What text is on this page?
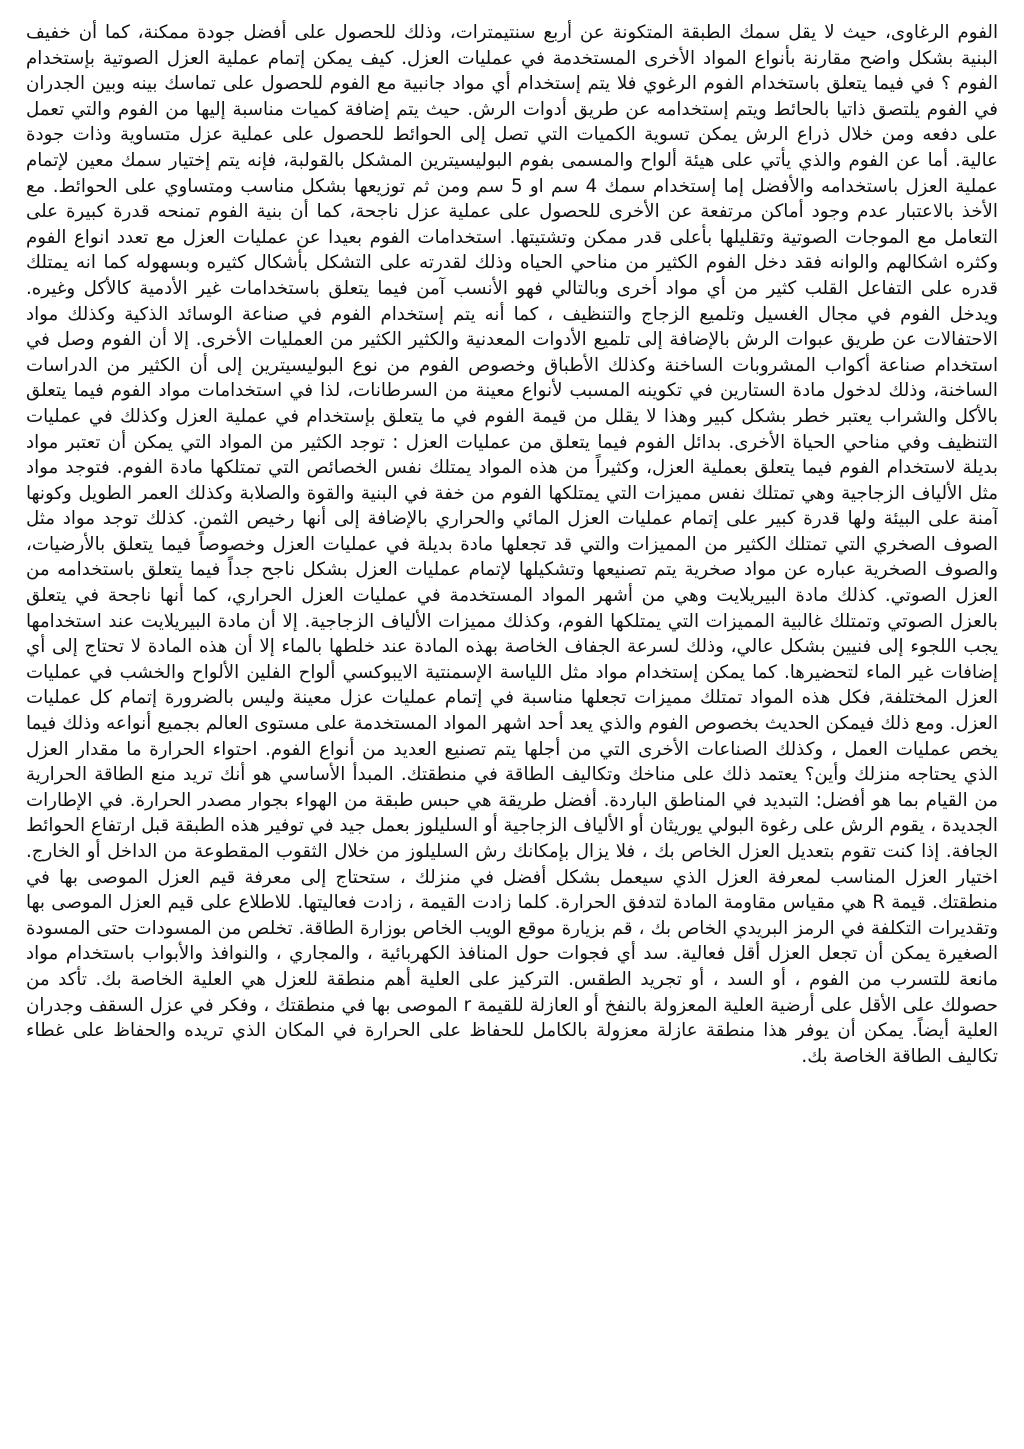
الفوم الرغاوى، حيث لا يقل سمك الطبقة المتكونة عن أربع سنتيمترات، وذلك للحصول على أفضل جودة ممكنة، كما أن خفيف البنية بشكل واضح مقارنة بأنواع المواد الأخرى المستخدمة في عمليات العزل. كيف يمكن إتمام عملية العزل الصوتية بإستخدام الفوم ؟ في فيما يتعلق باستخدام الفوم الرغوي فلا يتم إستخدام أي مواد جانبية مع الفوم للحصول على تماسك بينه وبين الجدران في الفوم يلتصق ذاتيا بالحائط ويتم إستخدامه عن طريق أدوات الرش. حيث يتم إضافة كميات مناسبة إليها من الفوم والتي تعمل على دفعه ومن خلال ذراع الرش يمكن تسوية الكميات التي تصل إلى الحوائط للحصول على عملية عزل متساوية وذات جودة عالية. أما عن الفوم والذي يأتي على هيئة ألواح والمسمى بفوم البوليسيترين المشكل بالقولبة، فإنه يتم إختيار سمك معين لإتمام عملية العزل باستخدامه والأفضل إما إستخدام سمك 4 سم او 5 سم ومن ثم توزيعها بشكل مناسب ومتساوي على الحوائط. مع الأخذ بالاعتبار عدم وجود أماكن مرتفعة عن الأخرى للحصول على عملية عزل ناجحة، كما أن بنية الفوم تمنحه قدرة كبيرة على التعامل مع الموجات الصوتية وتقليلها بأعلى قدر ممكن وتشتيتها. استخدامات الفوم بعيدا عن عمليات العزل مع تعدد انواع الفوم وكثره اشكالهم والوانه فقد دخل الفوم الكثير من مناحي الحياه وذلك لقدرته على التشكل بأشكال كثيره وبسهوله كما انه يمتلك قدره على التفاعل القلب كثير من أي مواد أخرى وبالتالي فهو الأنسب آمن فيما يتعلق باستخدامات غير الأدمية كالأكل وغيره. ويدخل الفوم في مجال الغسيل وتلميع الزجاج والتنظيف ، كما أنه يتم إستخدام الفوم في صناعة الوسائد الذكية وكذلك مواد الاحتفالات عن طريق عبوات الرش بالإضافة إلى تلميع الأدوات المعدنية والكثير الكثير من العمليات الأخرى. إلا أن الفوم وصل في استخدام صناعة أكواب المشروبات الساخنة وكذلك الأطباق وخصوص الفوم من نوع البوليسيترين إلى أن الكثير من الدراسات الساخنة، وذلك لدخول مادة الستارين في تكوينه المسبب لأنواع معينة من السرطانات، لذا في استخدامات مواد الفوم فيما يتعلق بالأكل والشراب يعتبر خطر بشكل كبير وهذا لا يقلل من قيمة الفوم في ما يتعلق بإستخدام في عملية العزل وكذلك في عمليات التنظيف وفي مناحي الحياة الأخرى. بدائل الفوم فيما يتعلق من عمليات العزل : توجد الكثير من المواد التي يمكن أن تعتبر مواد بديلة لاستخدام الفوم فيما يتعلق بعملية العزل، وكثيراً من هذه المواد يمتلك نفس الخصائص التي تمتلكها مادة الفوم. فتوجد مواد مثل الألياف الزجاجية وهي تمتلك نفس مميزات التي يمتلكها الفوم من خفة في البنية والقوة والصلابة وكذلك العمر الطويل وكونها آمنة على البيئة ولها قدرة كبير على إتمام عمليات العزل المائي والحراري بالإضافة إلى أنها رخيص الثمن. كذلك توجد مواد مثل الصوف الصخري التي تمتلك الكثير من المميزات والتي قد تجعلها مادة بديلة في عمليات العزل وخصوصاً فيما يتعلق بالأرضيات، والصوف الصخرية عباره عن مواد صخرية يتم تصنيعها وتشكيلها لإتمام عمليات العزل بشكل ناجح جداً فيما يتعلق باستخدامه من العزل الصوتي. كذلك مادة البيريلايت وهي من أشهر المواد المستخدمة في عمليات العزل الحراري، كما أنها ناجحة في يتعلق بالعزل الصوتي وتمتلك غالبية المميزات التي يمتلكها الفوم، وكذلك مميزات الألياف الزجاجية. إلا أن مادة البيريلايت عند استخدامها يجب اللجوء إلى فنيين بشكل عالي، وذلك لسرعة الجفاف الخاصة بهذه المادة عند خلطها بالماء إلا أن هذه المادة لا تحتاج إلى أي إضافات غير الماء لتحضيرها. كما يمكن إستخدام مواد مثل اللياسة الإسمنتية الايبوكسي ألواح الفلين الألواح والخشب في عمليات العزل المختلفة, فكل هذه المواد تمتلك مميزات تجعلها مناسبة في إتمام عمليات عزل معينة وليس بالضرورة إتمام كل عمليات العزل. ومع ذلك فيمكن الحديث بخصوص الفوم والذي يعد أحد اشهر المواد المستخدمة على مستوى العالم بجميع أنواعه وذلك فيما يخص عمليات العمل ، وكذلك الصناعات الأخرى التي من أجلها يتم تصنيع العديد من أنواع الفوم. احتواء الحرارة ما مقدار العزل الذي يحتاجه منزلك وأين؟ يعتمد ذلك على مناخك وتكاليف الطاقة في منطقتك. المبدأ الأساسي هو أنك تريد منع الطاقة الحرارية من القيام بما هو أفضل: التبديد في المناطق الباردة. أفضل طريقة هي حبس طبقة من الهواء بجوار مصدر الحرارة. في الإطارات الجديدة ، يقوم الرش على رغوة البولي يوريثان أو الألياف الزجاجية أو السليلوز بعمل جيد في توفير هذه الطبقة قبل ارتفاع الحوائط الجافة. إذا كنت تقوم بتعديل العزل الخاص بك ، فلا يزال بإمكانك رش السليلوز من خلال الثقوب المقطوعة من الداخل أو الخارج. اختيار العزل المناسب لمعرفة العزل الذي سيعمل بشكل أفضل في منزلك ، ستحتاج إلى معرفة قيم العزل الموصى بها في منطقتك. قيمة R هي مقياس مقاومة المادة لتدفق الحرارة. كلما زادت القيمة ، زادت فعاليتها. للاطلاع على قيم العزل الموصى بها وتقديرات التكلفة في الرمز البريدي الخاص بك ، قم بزيارة موقع الويب الخاص بوزارة الطاقة. تخلص من المسودات حتى المسودة الصغيرة يمكن أن تجعل العزل أقل فعالية. سد أي فجوات حول المنافذ الكهربائية ، والمجاري ، والنوافذ والأبواب باستخدام مواد مانعة للتسرب من الفوم ، أو السد ، أو تجريد الطقس. التركيز على العلية أهم منطقة للعزل هي العلية الخاصة بك. تأكد من حصولك على الأقل على أرضية العلية المعزولة بالنفخ أو العازلة للقيمة r الموصى بها في منطقتك ، وفكر في عزل السقف وجدران العلية أيضاً. يمكن أن يوفر هذا منطقة عازلة معزولة بالكامل للحفاظ على الحرارة في المكان الذي تريده والحفاظ على غطاء تكاليف الطاقة الخاصة بك.
